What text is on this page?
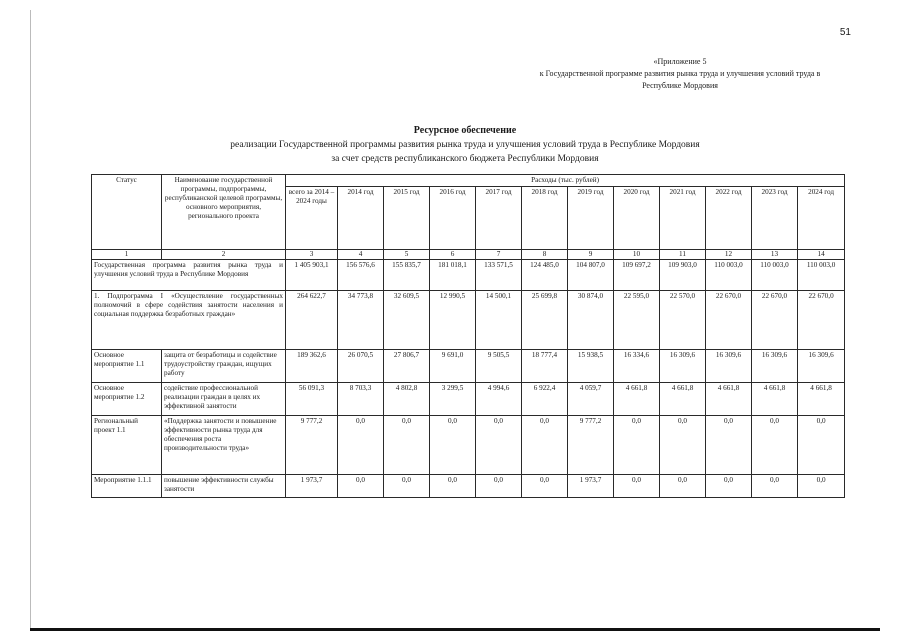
51
«Приложение 5
к Государственной программе развития рынка труда и улучшения условий труда в
Республике Мордовия
Ресурсное обеспечение
реализации Государственной программы развития рынка труда и улучшения условий труда в Республике Мордовия
за счет средств республиканского бюджета Республики Мордовия
Статус	Наименование государственной программы, подпрограммы, республиканской целевой программы, основного мероприятия, регионального проекта	Расходы (тыс. рублей)											
		всего за 2014 – 2024 годы	2014 год	2015 год	2016 год	2017 год	2018 год	2019 год	2020 год	2021 год	2022 год	2023 год	2024 год
1	2	3	4	5	6	7	8	9	10	11	12	13	14
Государственная программа развития рынка труда и улучшения условий труда в Республике Мордовия		1 405 903,1	156 576,6	155 835,7	181 018,1	133 571,5	124 485,0	104 807,0	109 697,2	109 903,0	110 003,0	110 003,0	110 003,0
1. Подпрограмма I «Осуществление государственных полномочий в сфере содействия занятости населения и социальная поддержка безработных граждан»		264 622,7	34 773,8	32 609,5	12 990,5	14 500,1	25 699,8	30 874,0	22 595,0	22 570,0	22 670,0	22 670,0	22 670,0
Основное мероприятие 1.1	защита от безработицы и содействие трудоустройству граждан, ищущих работу	189 362,6	26 070,5	27 806,7	9 691,0	9 505,5	18 777,4	15 938,5	16 334,6	16 309,6	16 309,6	16 309,6	16 309,6
Основное мероприятие 1.2	содействие профессиональной реализации граждан в целях их эффективной занятости	56 091,3	8 703,3	4 802,8	3 299,5	4 994,6	6 922,4	4 059,7	4 661,8	4 661,8	4 661,8	4 661,8	4 661,8
Региональный проект 1.1	«Поддержка занятости и повышение эффективности рынка труда для обеспечения роста производительности труда»	9 777,2	0,0	0,0	0,0	0,0	0,0	9 777,2	0,0	0,0	0,0	0,0	0,0
Мероприятие 1.1.1	повышение эффективности службы занятости	1 973,7	0,0	0,0	0,0	0,0	0,0	1 973,7	0,0	0,0	0,0	0,0	0,0
